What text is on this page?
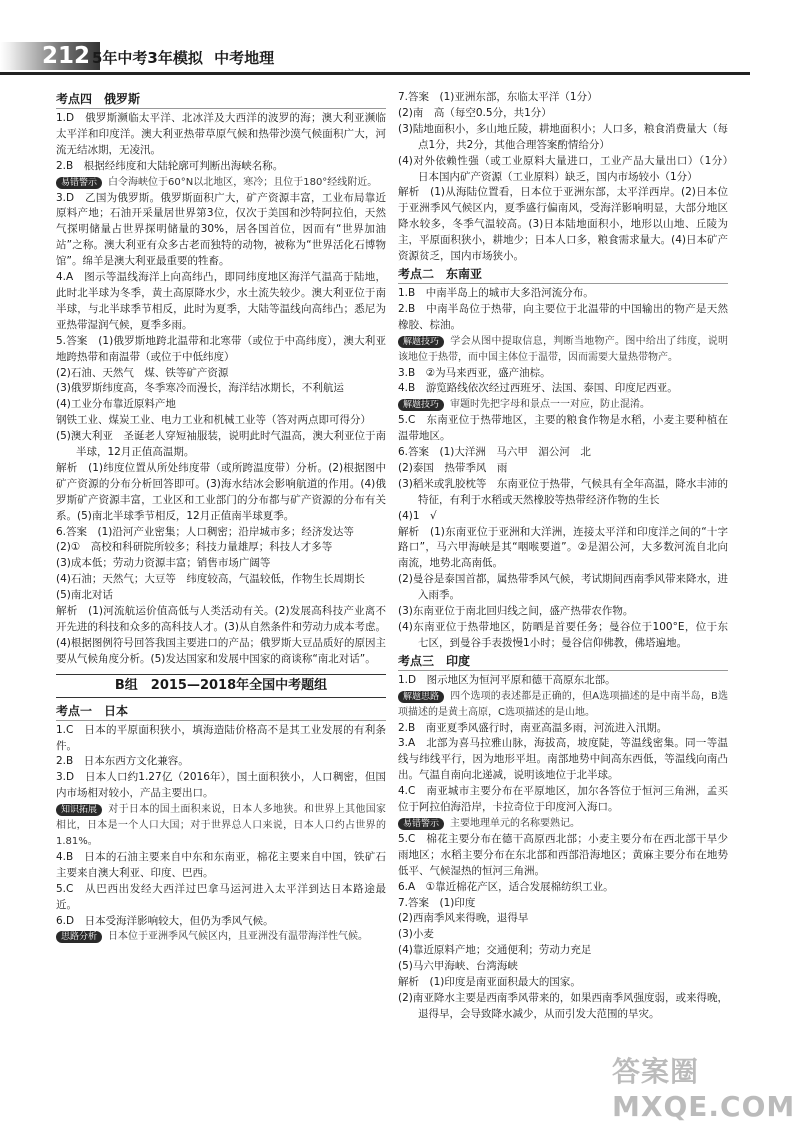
212 5年中考3年模拟 中考地理
考点四　俄罗斯

1.D　俄罗斯濒临太平洋、北冰洋及大西洋的波罗的海；澳大利亚濒临太平洋和印度洋。澳大利亚热带草原气候和热带沙漠气候面积广大，河流无结冰期，无凌汛。

2.B　根据经纬度和大陆轮廓可判断出海峡名称。

易错警示 白令海峡位于60°N以北地区，寒冷；且位于180°经线附近。

3.D　乙国为俄罗斯。俄罗斯面积广大，矿产资源丰富，工业布局靠近原料产地；石油开采量居世界第3位，仅次于美国和沙特阿拉伯，天然气探明储量占世界探明储量的30%，居各国首位，因而有“世界加油站”之称。澳大利亚有众多古老而独特的动物，被称为“世界活化石博物馆”。绵羊是澳大利亚最重要的牲畜。

4.A　图示等温线海洋上向高纬凸，即同纬度地区海洋气温高于陆地，此时北半球为冬季，黄土高原降水少，水土流失较少。澳大利亚位于南半球，与北半球季节相反，此时为夏季，大陆等温线向高纬凸；悉尼为亚热带湿润气候，夏季多雨。

5.答案　(1)俄罗斯地跨北温带和北寒带（或位于中高纬度），澳大利亚地跨热带和南温带（或位于中低纬度）

(2)石油、天然气　煤、铁等矿产资源

(3)俄罗斯纬度高，冬季寒冷而漫长，海洋结冰期长，不利航运

(4)工业分布靠近原料产地

钢铁工业、煤炭工业、电力工业和机械工业等（答对两点即可得分）

(5)澳大利亚　圣诞老人穿短袖服装，说明此时气温高，澳大利亚位于南半球，12月正值高温期。

解析　(1)纬度位置从所处纬度带（或所跨温度带）分析。(2)根据图中矿产资源的分布分析回答即可。(3)海水结冰会影响航道的作用。(4)俄罗斯矿产资源丰富，工业区和工业部门的分布都与矿产资源的分布有关系。(5)南北半球季节相反，12月正值南半球夏季。

6.答案　(1)沿河产业密集；人口稠密；沿岸城市多；经济发达等

(2)①　高校和科研院所较多；科技力量雄厚；科技人才多等

(3)成本低；劳动力资源丰富；销售市场广阔等

(4)石油；天然气；大豆等　纬度较高，气温较低，作物生长周期长

(5)南北对话

解析　(1)河流航运价值高低与人类活动有关。(2)发展高科技产业离不开先进的科技和众多的高科技人才。(3)从自然条件和劳动力成本考虑。(4)根据图例符号回答我国主要进口的产品；俄罗斯大豆品质好的原因主要从气候角度分析。(5)发达国家和发展中国家的商谈称“南北对话”。

B组　2015—2018年全国中考题组
考点一　日本

1.C　日本的平原面积狭小，填海造陆价格高不是其工业发展的有利条件。

2.B　日本东西方文化兼容。

3.D　日本人口约1.27亿（2016年），国土面积狭小，人口稠密，但国内市场相对较小，产品主要出口。

知识拓展 对于日本的国土面积来说，日本人多地狭。和世界上其他国家相比，日本是一个人口大国；对于世界总人口来说，日本人口约占世界的1.81%。

4.B　日本的石油主要来自中东和东南亚，棉花主要来自中国，铁矿石主要来自澳大利亚、印度、巴西。

5.C　从巴西出发经大西洋过巴拿马运河进入太平洋到达日本路途最近。

6.D　日本受海洋影响较大，但仍为季风气候。

思路分析 日本位于亚洲季风气候区内，且亚洲没有温带海洋性气候。

7.答案　(1)亚洲东部，东临太平洋（1分）

(2)南　高（每空0.5分，共1分）

(3)陆地面积小，多山地丘陵，耕地面积小；人口多，粮食消费量大（每点1分，共2分，其他合理答案酌情给分）

(4)对外依赖性强（或工业原料大量进口，工业产品大量出口）（1分）　日本国内矿产资源（工业原料）缺乏，国内市场较小（1分）

解析　(1)从海陆位置看，日本位于亚洲东部，太平洋西岸。(2)日本位于亚洲季风气候区内，夏季盛行偏南风，受海洋影响明显，大部分地区降水较多，冬季气温较高。(3)日本陆地面积小，地形以山地、丘陵为主，平原面积狭小，耕地少；日本人口多，粮食需求量大。(4)日本矿产资源贫乏，国内市场狭小。

考点二　东南亚

1.B　中南半岛上的城市大多沿河流分布。

2.B　中南半岛位于热带，向主要位于北温带的中国输出的物产是天然橡胶、棕油。

解题技巧 学会从图中提取信息，判断当地物产。图中给出了纬度，说明该地位于热带，而中国主体位于温带，因而需要大量热带物产。

3.B　②为马来西亚，盛产油棕。

4.B　游览路线依次经过西班牙、法国、泰国、印度尼西亚。

解题技巧 审题时先把字母和景点一一对应，防止混淆。

5.C　东南亚位于热带地区，主要的粮食作物是水稻，小麦主要种植在温带地区。

6.答案　(1)大洋洲　马六甲　湄公河　北

(2)泰国　热带季风　雨

(3)稻米或乳胶枕等　东南亚位于热带，气候具有全年高温，降水丰沛的特征，有利于水稻或天然橡胶等热带经济作物的生长

(4)1　√

解析　(1)东南亚位于亚洲和大洋洲，连接太平洋和印度洋之间的“十字路口”，马六甲海峡是其“咽喉要道”。②是湄公河，大多数河流自北向南流，地势北高南低。

(2)曼谷是泰国首都，属热带季风气候，考试期间西南季风带来降水，进入雨季。

(3)东南亚位于南北回归线之间，盛产热带农作物。

(4)东南亚位于热带地区，防晒是首要任务；曼谷位于100°E，位于东七区，到曼谷手表拨慢1小时；曼谷信仰佛教，佛塔遍地。

考点三　印度

1.D　图示地区为恒河平原和德干高原东北部。

解题思路 四个选项的表述都是正确的，但A选项描述的是中南半岛，B选项描述的是黄土高原，C选项描述的是山地。

2.B　南亚夏季风盛行时，南亚高温多雨，河流进入汛期。

3.A　北部为喜马拉雅山脉，海拔高，坡度陡，等温线密集。同一等温线与纬线平行，因为地形平坦。南部地势中间高东西低，等温线向南凸出。气温自南向北递减，说明该地位于北半球。

4.C　南亚城市主要分布在平原地区，加尔各答位于恒河三角洲，孟买位于阿拉伯海沿岸，卡拉奇位于印度河入海口。

易错警示 主要地理单元的名称要熟记。

5.C　棉花主要分布在德干高原西北部；小麦主要分布在西北部干旱少雨地区；水稻主要分布在东北部和西部沿海地区；黄麻主要分布在地势低平、气候湿热的恒河三角洲。

6.A　①靠近棉花产区，适合发展棉纺织工业。

7.答案　(1)印度

(2)西南季风来得晚，退得早

(3)小麦

(4)靠近原料产地；交通便利；劳动力充足

(5)马六甲海峡、台湾海峡

解析　(1)印度是南亚面积最大的国家。

(2)南亚降水主要是西南季风带来的，如果西南季风强度弱，或来得晚，退得早，会导致降水减少，从而引发大范围的旱灾。

答案圈 MXQE.COM
